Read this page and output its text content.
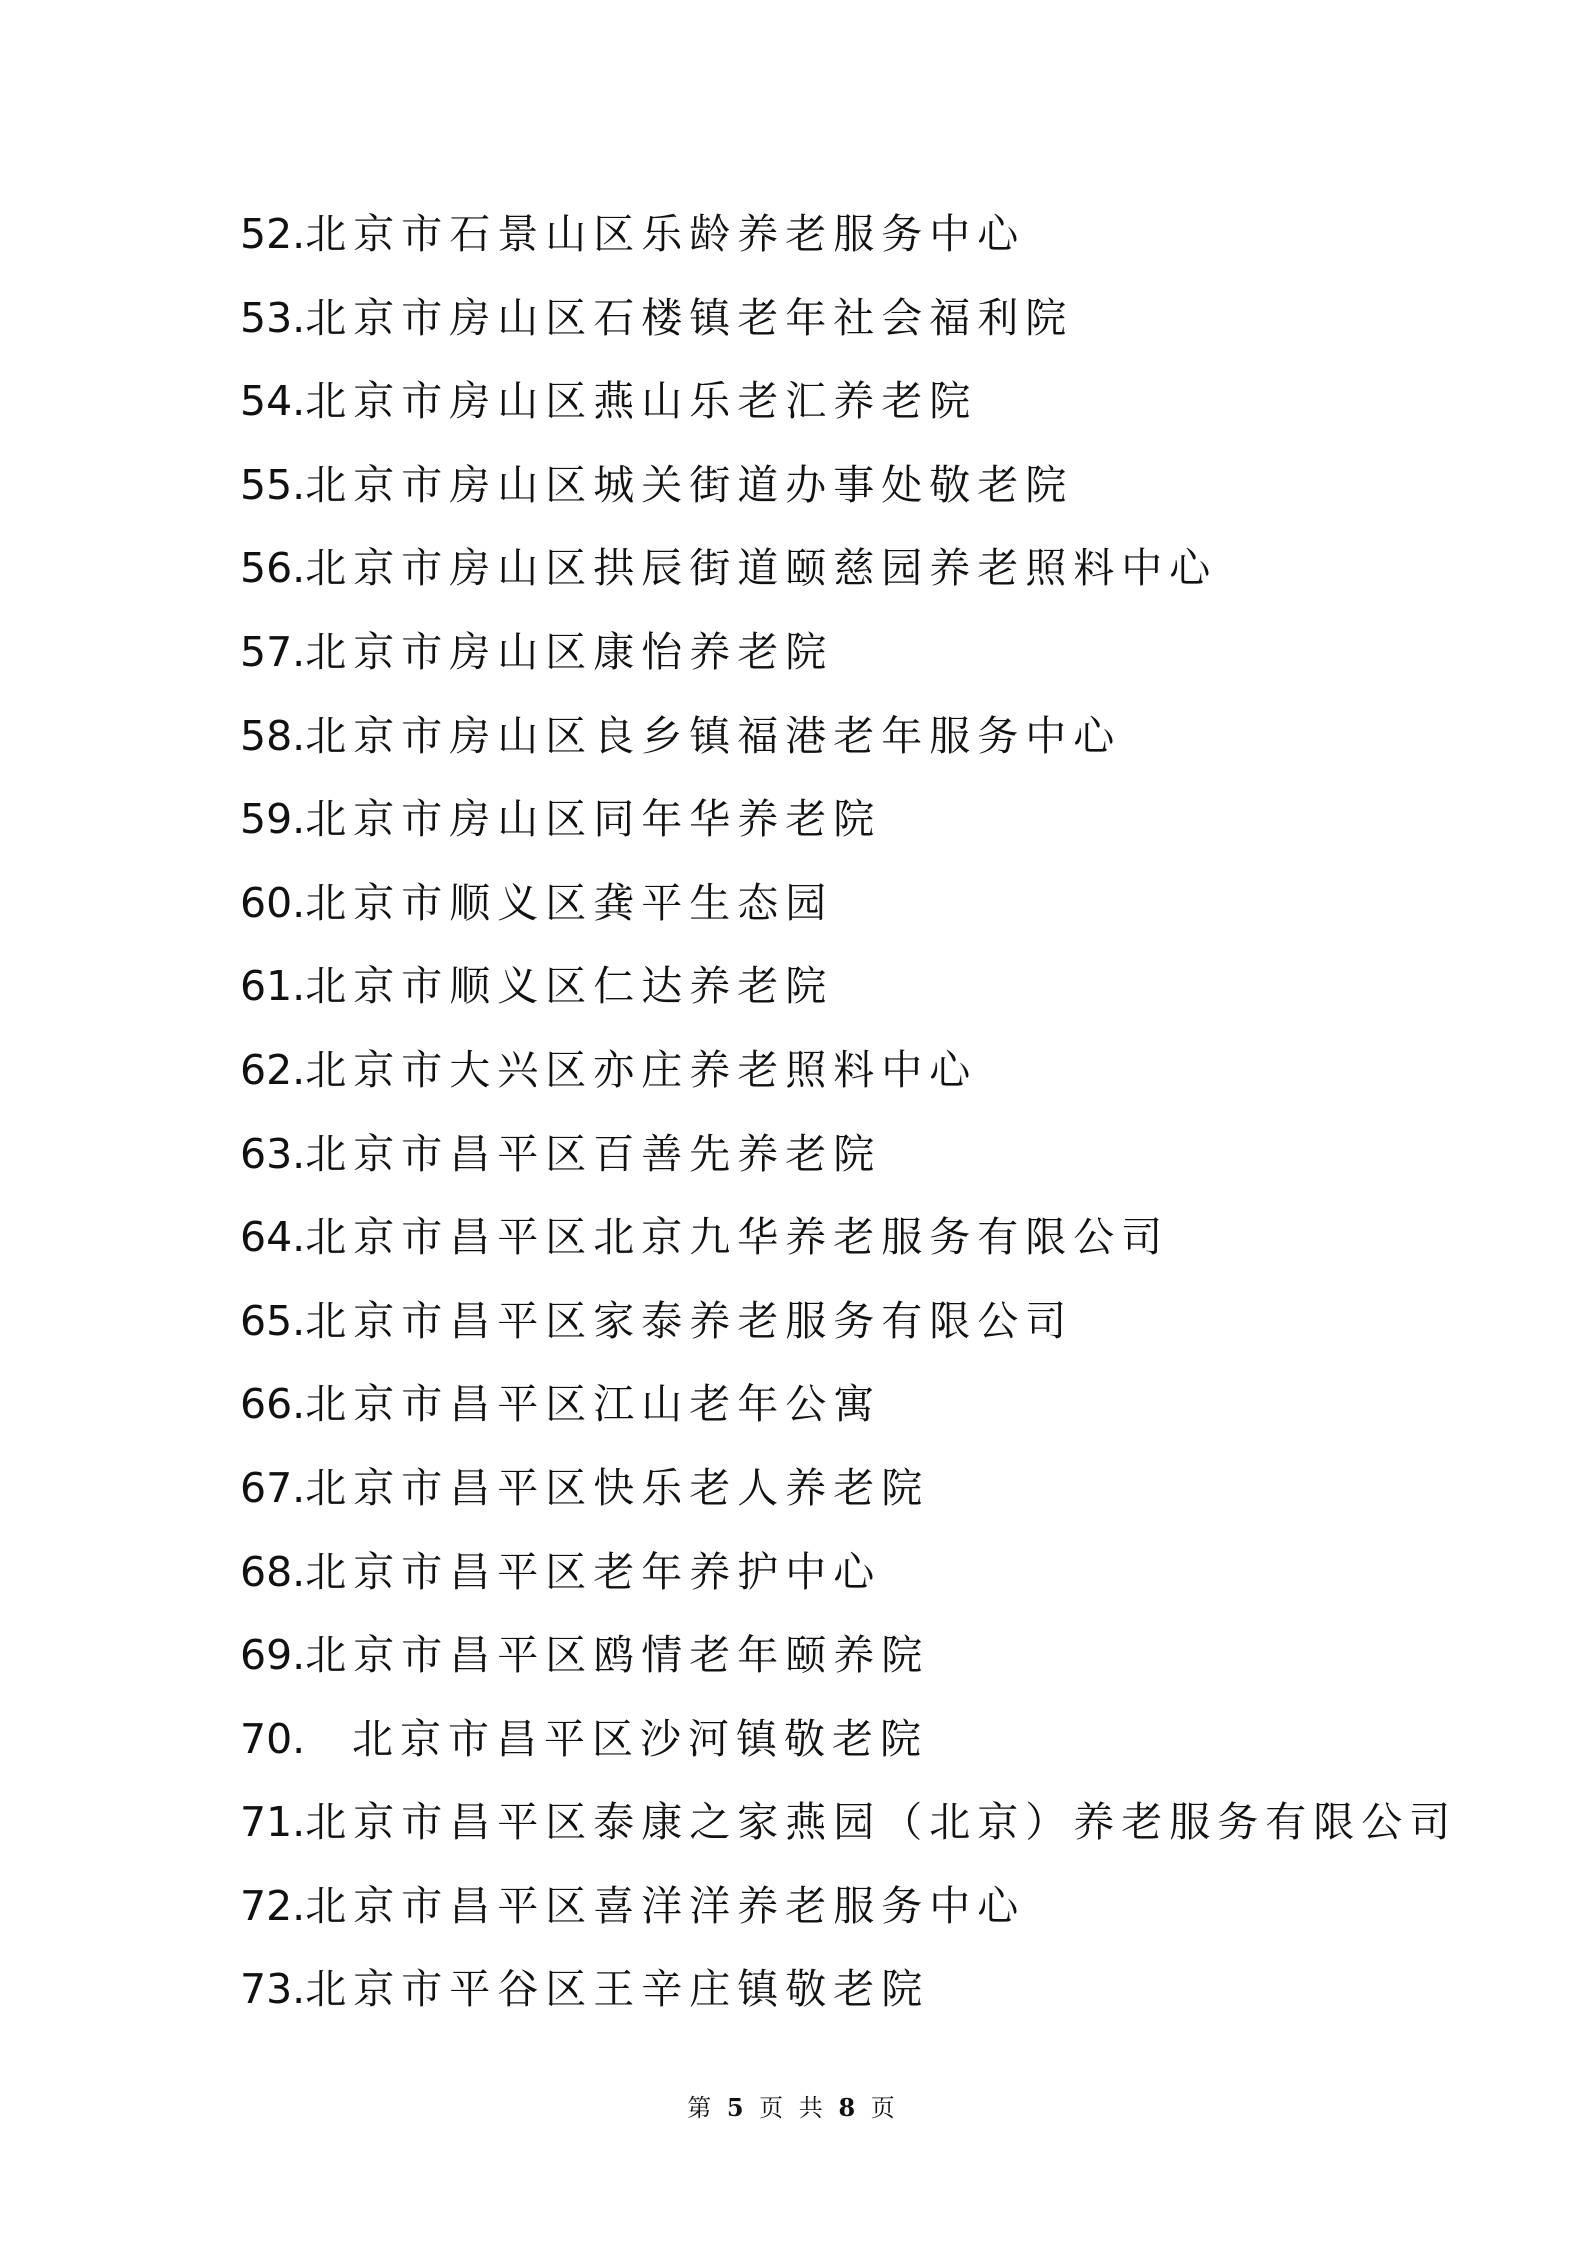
52.北京市石景山区乐龄养老服务中心
53.北京市房山区石楼镇老年社会福利院
54.北京市房山区燕山乐老汇养老院
55.北京市房山区城关街道办事处敬老院
56.北京市房山区拱辰街道颐慈园养老照料中心
57.北京市房山区康怡养老院
58.北京市房山区良乡镇福港老年服务中心
59.北京市房山区同年华养老院
60.北京市顺义区龚平生态园
61.北京市顺义区仁达养老院
62.北京市大兴区亦庄养老照料中心
63.北京市昌平区百善先养老院
64.北京市昌平区北京九华养老服务有限公司
65.北京市昌平区家泰养老服务有限公司
66.北京市昌平区江山老年公寓
67.北京市昌平区快乐老人养老院
68.北京市昌平区老年养护中心
69.北京市昌平区鸥情老年颐养院
70. 北京市昌平区沙河镇敬老院
71.北京市昌平区泰康之家燕园（北京）养老服务有限公司
72.北京市昌平区喜洋洋养老服务中心
73.北京市平谷区王辛庄镇敬老院
第 5 页 共 8 页
